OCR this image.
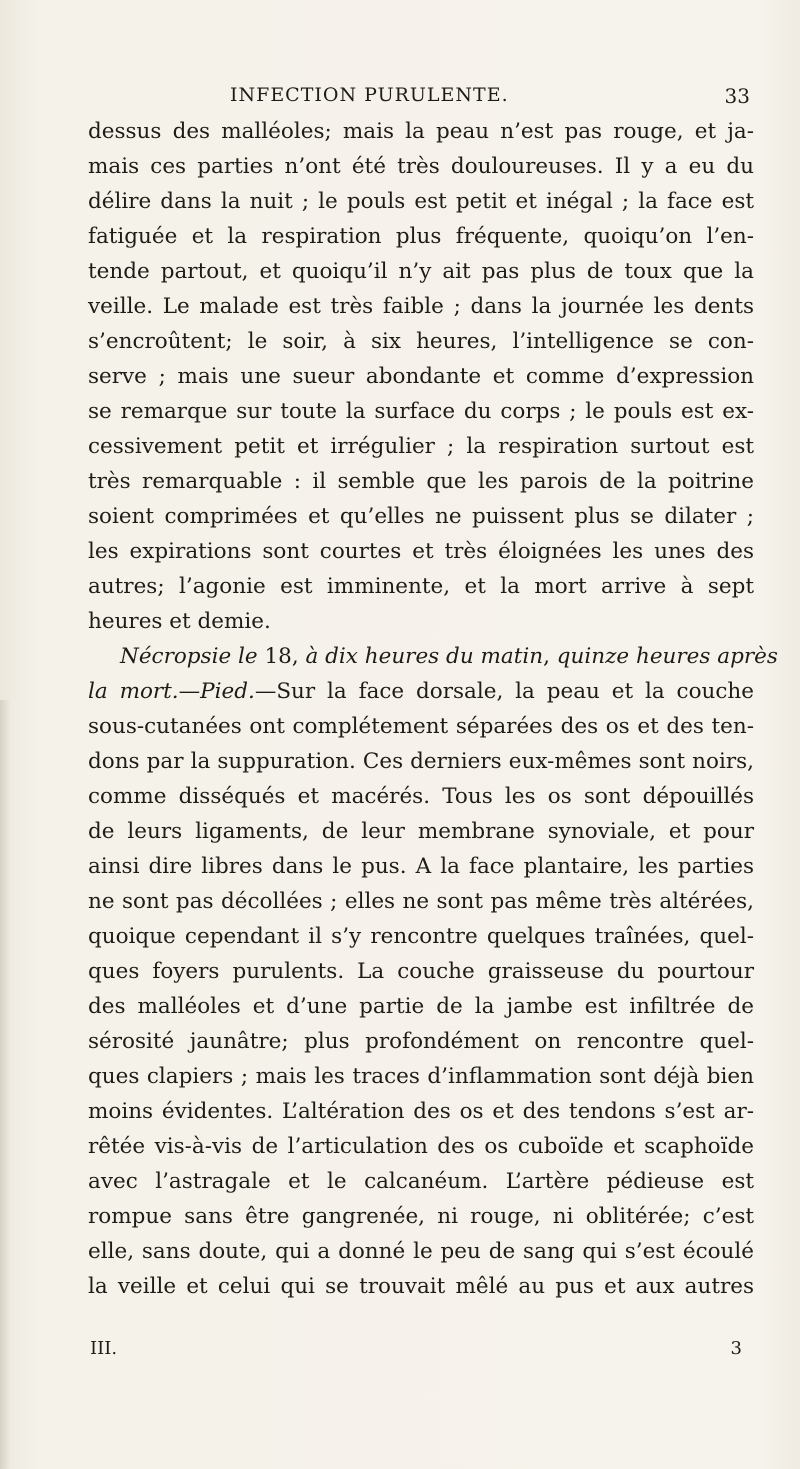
INFECTION PURULENTE.	33
dessus des malléoles; mais la peau n’est pas rouge, et ja-
mais ces parties n’ont été très douloureuses. Il y a eu du
délire dans la nuit ; le pouls est petit et inégal ; la face est
fatiguée et la respiration plus fréquente, quoiqu’on l’en-
tende partout, et quoiqu’il n’y ait pas plus de toux que la
veille. Le malade est très faible ; dans la journée les dents
s’encroûtent; le soir, à six heures, l’intelligence se con-
serve ; mais une sueur abondante et comme d’expression
se remarque sur toute la surface du corps ; le pouls est ex-
cessivement petit et irrégulier ; la respiration surtout est
très remarquable : il semble que les parois de la poitrine
soient comprimées et qu’elles ne puissent plus se dilater ;
les expirations sont courtes et très éloignées les unes des
autres; l’agonie est imminente, et la mort arrive à sept
heures et demie.
Nécropsie le 18, à dix heures du matin, quinze heures après
la mort.—Pied.—Sur la face dorsale, la peau et la couche
sous-cutanées ont complétement séparées des os et des ten-
dons par la suppuration. Ces derniers eux-mêmes sont noirs,
comme disséqués et macérés. Tous les os sont dépouillés
de leurs ligaments, de leur membrane synoviale, et pour
ainsi dire libres dans le pus. A la face plantaire, les parties
ne sont pas décollées ; elles ne sont pas même très altérées,
quoique cependant il s’y rencontre quelques traînées, quel-
ques foyers purulents. La couche graisseuse du pourtour
des malléoles et d’une partie de la jambe est infiltrée de
sérosité jaunâtre; plus profondément on rencontre quel-
ques clapiers ; mais les traces d’inflammation sont déjà bien
moins évidentes. L’altération des os et des tendons s’est ar-
rêtée vis-à-vis de l’articulation des os cuboïde et scaphoïde
avec l’astragale et le calcanéum. L’artère pédieuse est
rompue sans être gangrenée, ni rouge, ni oblitérée; c’est
elle, sans doute, qui a donné le peu de sang qui s’est écoulé
la veille et celui qui se trouvait mêlé au pus et aux autres
III.	3
